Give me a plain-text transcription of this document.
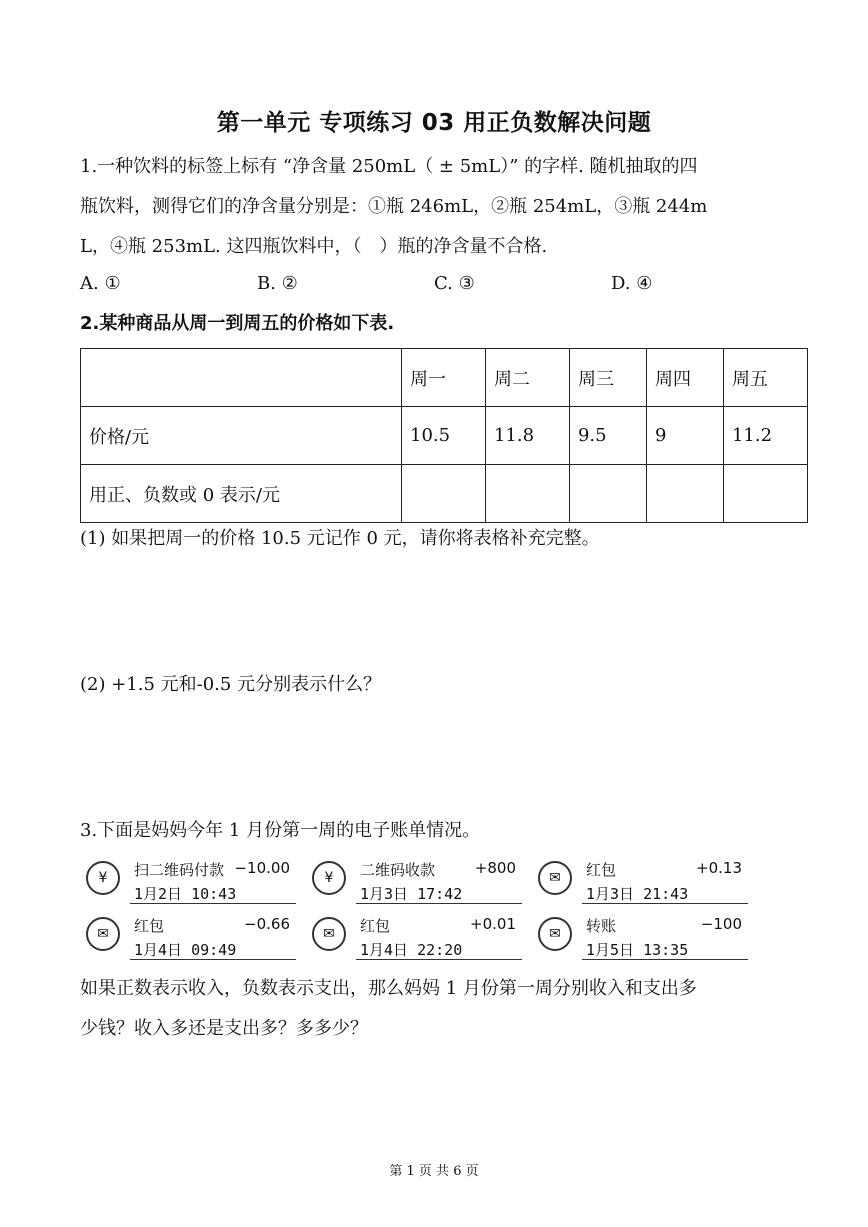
第一单元 专项练习 03 用正负数解决问题
1.一种饮料的标签上标有 “净含量 250mL（ ± 5mL）” 的字样. 随机抽取的四
瓶饮料，测得它们的净含量分别是：①瓶 246mL，②瓶 254mL，③瓶 244m
L，④瓶 253mL. 这四瓶饮料中，（　）瓶的净含量不合格.
A. ①	B. ②	C. ③	D. ④
2.某种商品从周一到周五的价格如下表.
	周一	周二	周三	周四	周五
价格/元	10.5	11.8	9.5	9	11.2
用正、负数或 0 表示/元					
(1) 如果把周一的价格 10.5 元记作 0 元，请你将表格补充完整。
(2) +1.5 元和-0.5 元分别表示什么？
3.下面是妈妈今年 1 月份第一周的电子账单情况。
¥	扫二维码付款 −10.00
1月2日 10:43
¥	二维码收款	+800
1月3日 17:42
✉	红包	+0.13
1月3日 21:43
✉	红包	−0.66
1月4日 09:49
✉	红包	+0.01
1月4日 22:20
✉	转账	−100
1月5日 13:35
如果正数表示收入，负数表示支出，那么妈妈 1 月份第一周分别收入和支出多
少钱？收入多还是支出多？多多少？
第 1 页 共 6 页
